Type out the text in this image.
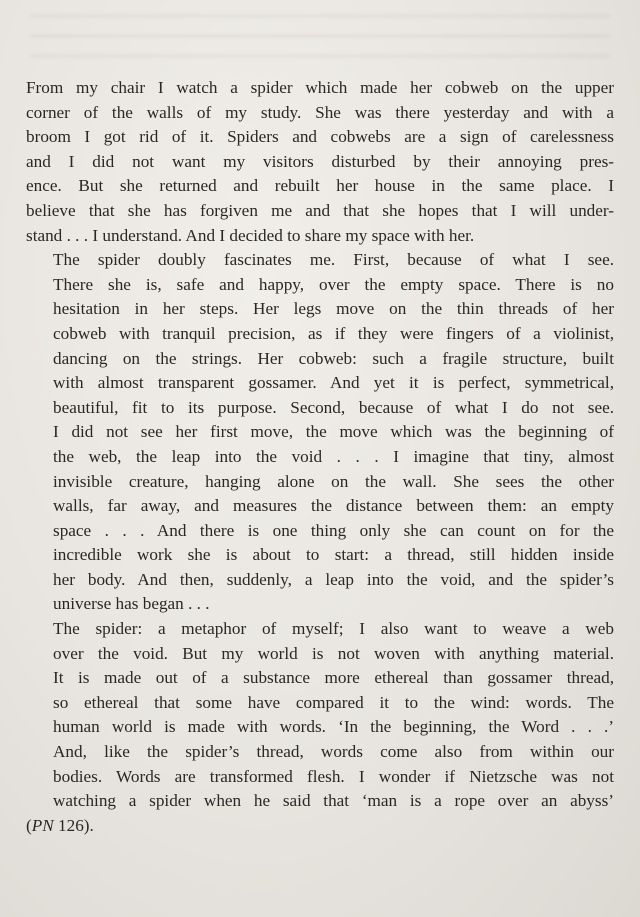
From my chair I watch a spider which made her cobweb on the upper
corner of the walls of my study. She was there yesterday and with a
broom I got rid of it. Spiders and cobwebs are a sign of carelessness
and I did not want my visitors disturbed by their annoying pres-
ence. But she returned and rebuilt her house in the same place. I
believe that she has forgiven me and that she hopes that I will under-
stand . . . I understand. And I decided to share my space with her.

The spider doubly fascinates me. First, because of what I see.
There she is, safe and happy, over the empty space. There is no
hesitation in her steps. Her legs move on the thin threads of her
cobweb with tranquil precision, as if they were fingers of a violinist,
dancing on the strings. Her cobweb: such a fragile structure, built
with almost transparent gossamer. And yet it is perfect, symmetrical,
beautiful, fit to its purpose. Second, because of what I do not see.
I did not see her first move, the move which was the beginning of
the web, the leap into the void . . . I imagine that tiny, almost
invisible creature, hanging alone on the wall. She sees the other
walls, far away, and measures the distance between them: an empty
space . . . And there is one thing only she can count on for the
incredible work she is about to start: a thread, still hidden inside
her body. And then, suddenly, a leap into the void, and the spider’s
universe has began . . .

The spider: a metaphor of myself; I also want to weave a web
over the void. But my world is not woven with anything material.
It is made out of a substance more ethereal than gossamer thread,
so ethereal that some have compared it to the wind: words. The
human world is made with words. ‘In the beginning, the Word . . .’
And, like the spider’s thread, words come also from within our
bodies. Words are transformed flesh. I wonder if Nietzsche was not
watching a spider when he said that ‘man is a rope over an abyss’

(PN 126).
